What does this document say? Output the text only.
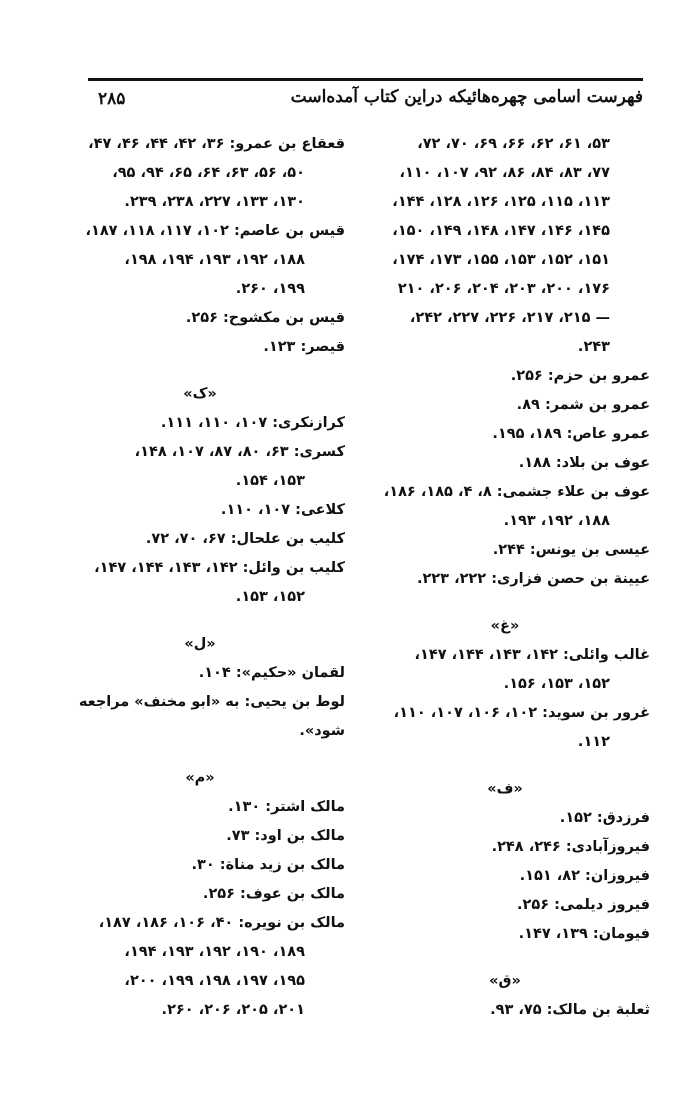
فهرست اسامی چهره‌هائیکه دراین کتاب آمده‌است
۲۸۵
۵۳، ۶۱، ۶۲، ۶۶، ۶۹، ۷۰، ۷۲،
۷۷، ۸۳، ۸۴، ۸۶، ۹۲، ۱۰۷، ۱۱۰،
۱۱۳، ۱۱۵، ۱۲۵، ۱۲۶، ۱۲۸، ۱۴۴،
۱۴۵، ۱۴۶، ۱۴۷، ۱۴۸، ۱۴۹، ۱۵۰،
۱۵۱، ۱۵۲، ۱۵۳، ۱۵۵، ۱۷۳، ۱۷۴،
۱۷۶، ۲۰۰، ۲۰۳، ۲۰۴، ۲۰۶، ۲۱۰
— ۲۱۵، ۲۱۷، ۲۲۶، ۲۲۷، ۲۴۲،
۲۴۳.
عمرو بن حزم: ۲۵۶.
عمرو بن شمر: ۸۹.
عمرو عاص: ۱۸۹، ۱۹۵.
عوف بن بلاد: ۱۸۸.
عوف بن علاء جشمی: ۸، ۴، ۱۸۵، ۱۸۶،
۱۸۸، ۱۹۲، ۱۹۳.
عیسی بن یونس: ۲۴۴.
عیینة بن حصن فزاری: ۲۲۲، ۲۲۳.
«غ»
غالب وائلی: ۱۴۲، ۱۴۳، ۱۴۴، ۱۴۷،
۱۵۲، ۱۵۳، ۱۵۶.
غرور بن سوید: ۱۰۲، ۱۰۶، ۱۰۷، ۱۱۰،
۱۱۲.
«ف»
فرزدق: ۱۵۲.
فیروزآبادی: ۲۴۶، ۲۴۸.
فیروزان: ۸۲، ۱۵۱.
فیروز دیلمی: ۲۵۶.
فیومان: ۱۳۹، ۱۴۷.
«ق»
ثعلبة بن مالک: ۷۵، ۹۳.
قعقاع بن عمرو: ۳۶، ۴۲، ۴۴، ۴۶، ۴۷،
۵۰، ۵۶، ۶۳، ۶۴، ۶۵، ۹۴، ۹۵،
۱۳۰، ۱۳۳، ۲۲۷، ۲۳۸، ۲۳۹.
قیس بن عاصم: ۱۰۲، ۱۱۷، ۱۱۸، ۱۸۷،
۱۸۸، ۱۹۲، ۱۹۳، ۱۹۴، ۱۹۸،
۱۹۹، ۲۶۰.
قیس بن مکشوح: ۲۵۶.
قیصر: ۱۲۳.
«ک»
کرازنکری: ۱۰۷، ۱۱۰، ۱۱۱.
کسری: ۶۳، ۸۰، ۸۷، ۱۰۷، ۱۴۸،
۱۵۳، ۱۵۴.
کلاعی: ۱۰۷، ۱۱۰.
کلیب بن علحال: ۶۷، ۷۰، ۷۲.
کلیب بن وائل: ۱۴۲، ۱۴۳، ۱۴۴، ۱۴۷،
۱۵۲، ۱۵۳.
«ل»
لقمان «حکیم»: ۱۰۴.
لوط بن یحیی: به «ابو مخنف» مراجعه
شود».
«م»
مالک اشتر: ۱۳۰.
مالک بن اود: ۷۳.
مالک بن زید مناة: ۳۰.
مالک بن عوف: ۲۵۶.
مالک بن نویره: ۴۰، ۱۰۶، ۱۸۶، ۱۸۷،
۱۸۹، ۱۹۰، ۱۹۲، ۱۹۳، ۱۹۴،
۱۹۵، ۱۹۷، ۱۹۸، ۱۹۹، ۲۰۰،
۲۰۱، ۲۰۵، ۲۰۶، ۲۶۰.
